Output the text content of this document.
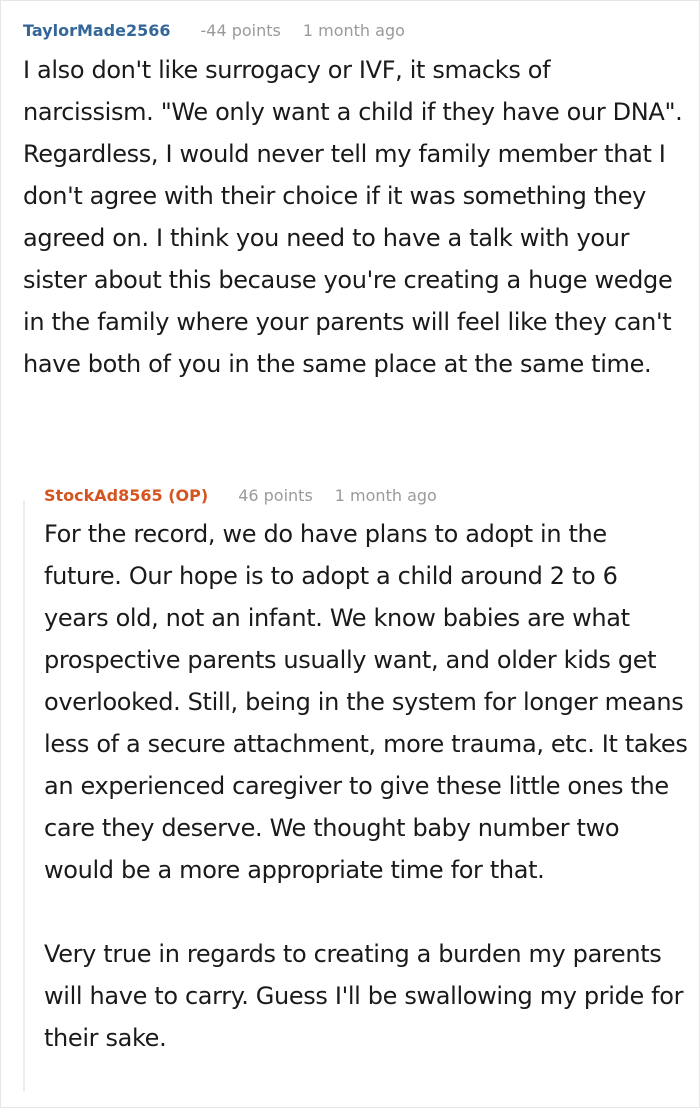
TaylorMade2566 -44 points 1 month ago

I also don't like surrogacy or IVF, it smacks of narcissism. "We only want a child if they have our DNA". Regardless, I would never tell my family member that I don't agree with their choice if it was something they agreed on. I think you need to have a talk with your sister about this because you're creating a huge wedge in the family where your parents will feel like they can't have both of you in the same place at the same time.

StockAd8565 (OP) 46 points 1 month ago

For the record, we do have plans to adopt in the future. Our hope is to adopt a child around 2 to 6 years old, not an infant. We know babies are what prospective parents usually want, and older kids get overlooked. Still, being in the system for longer means less of a secure attachment, more trauma, etc. It takes an experienced caregiver to give these little ones the care they deserve. We thought baby number two would be a more appropriate time for that.

Very true in regards to creating a burden my parents will have to carry. Guess I'll be swallowing my pride for their sake.
